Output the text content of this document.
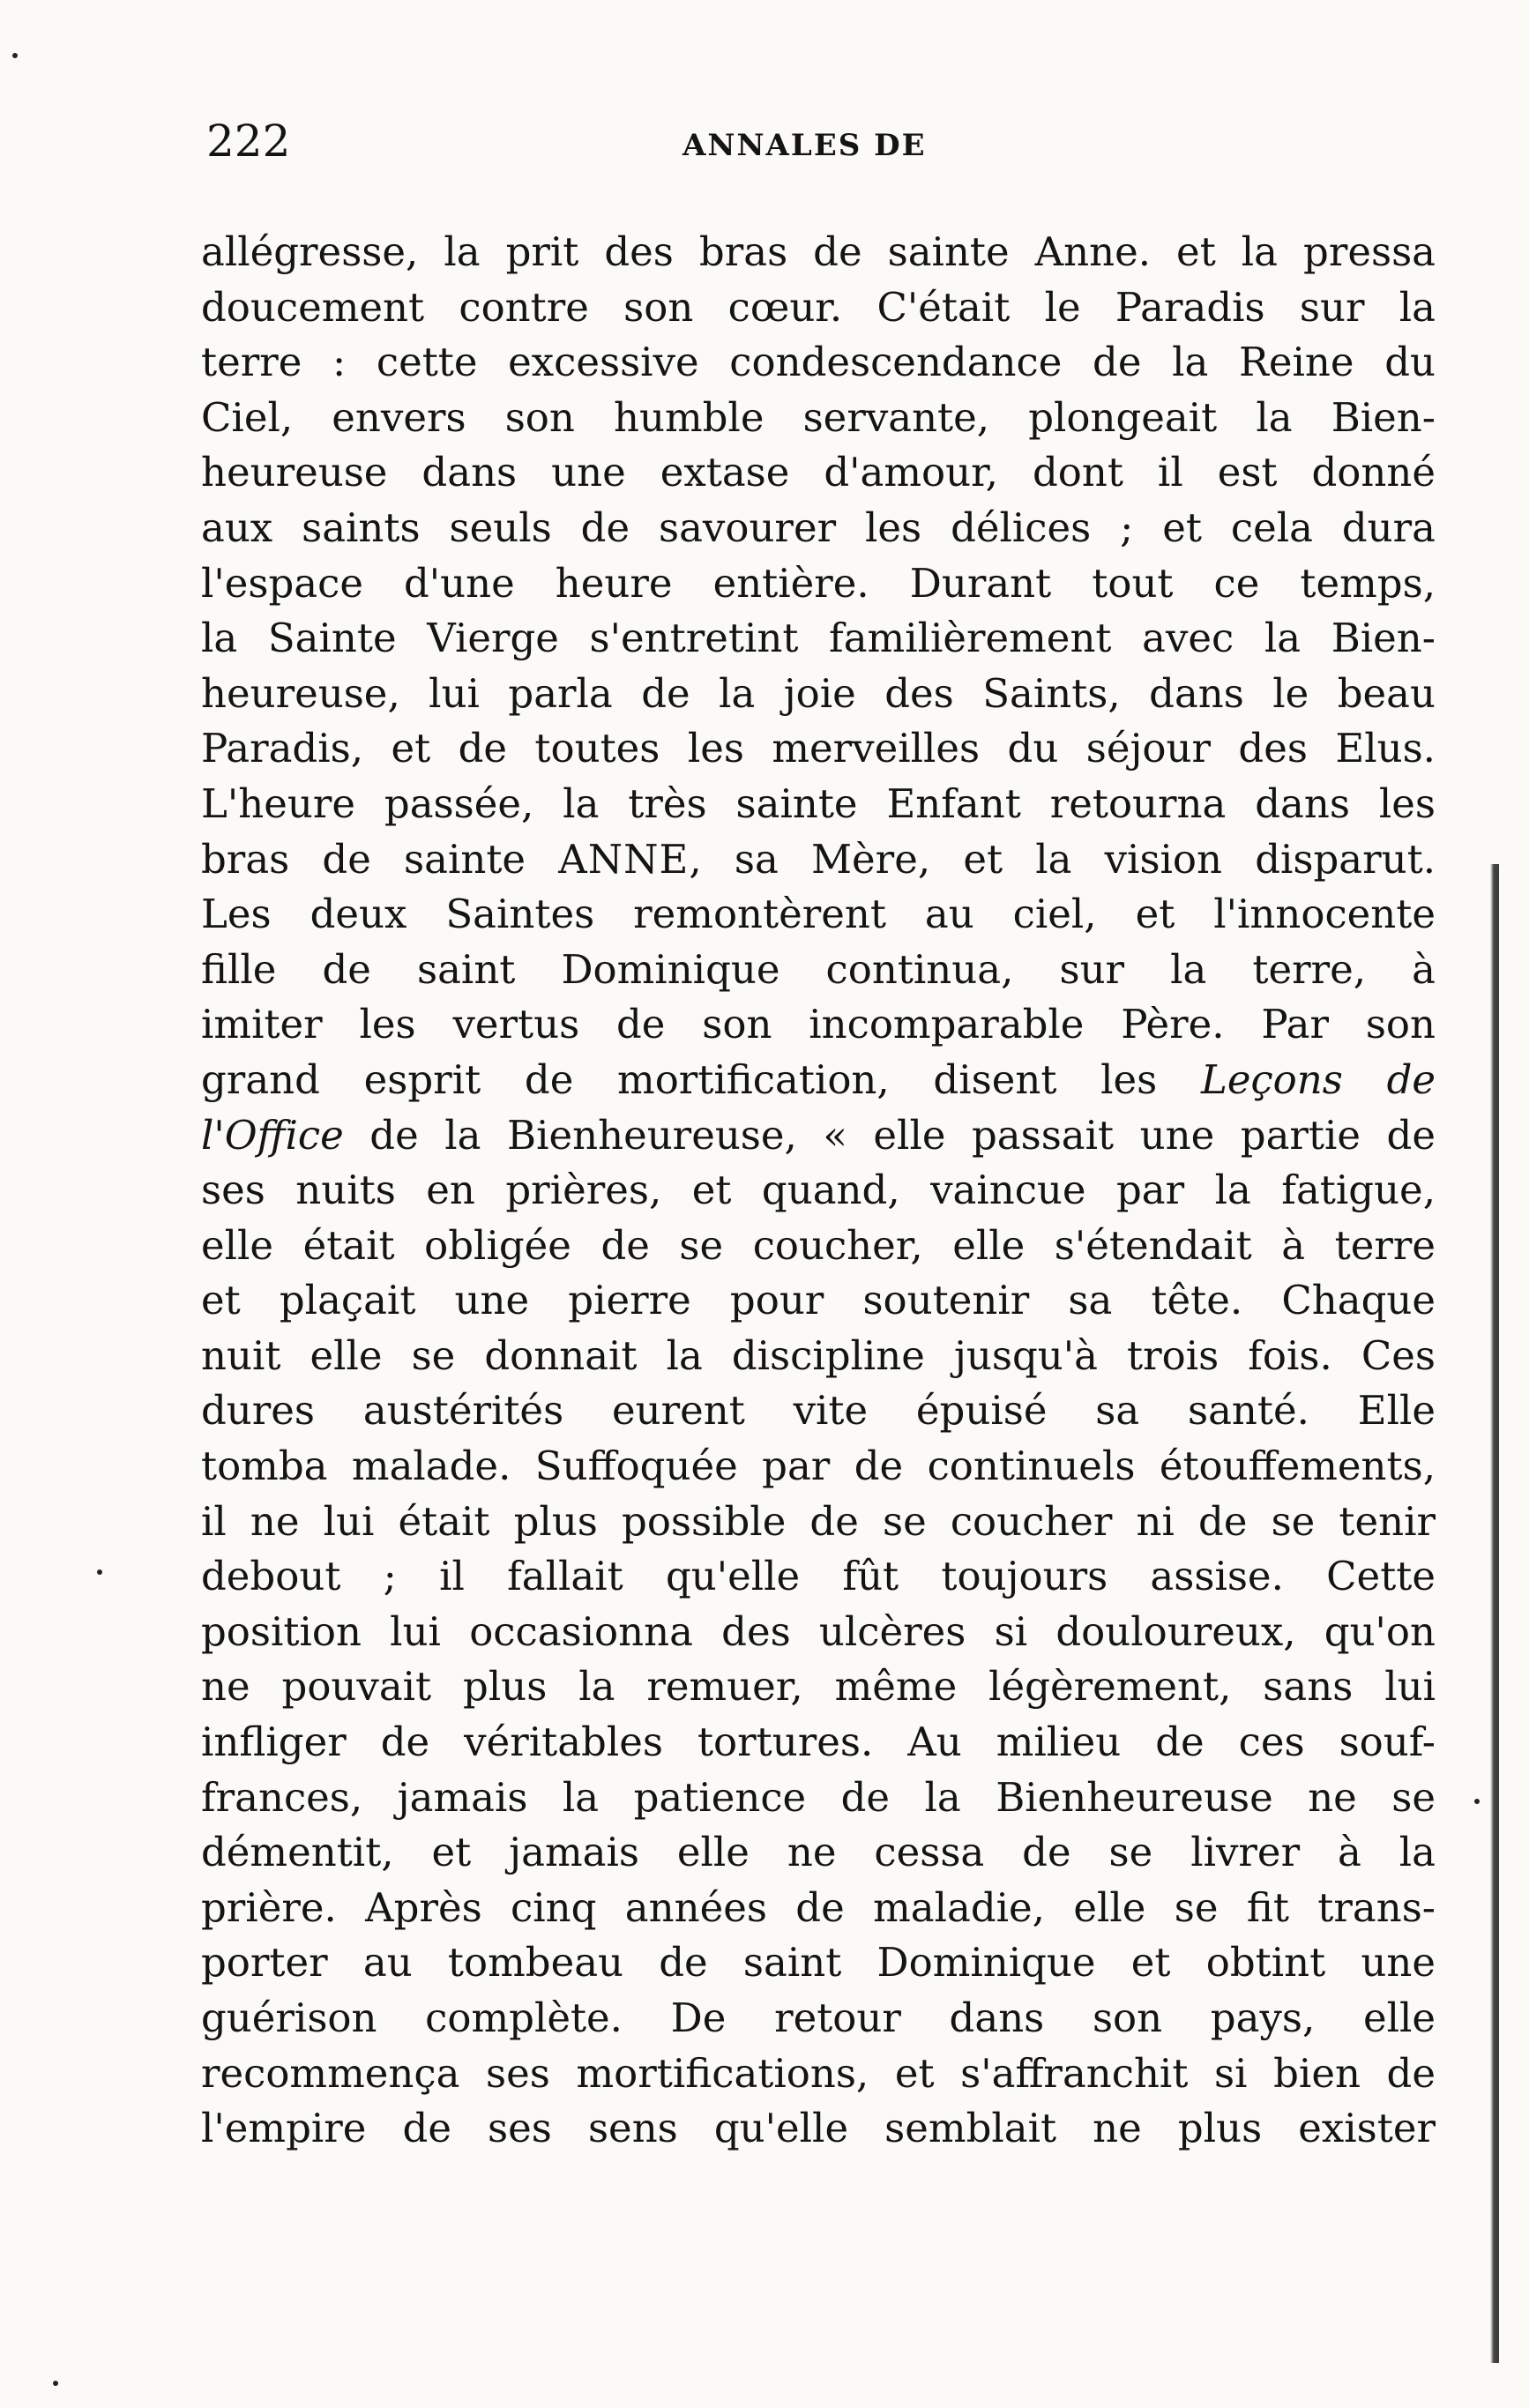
222	ANNALES DE
allégresse, la prit des bras de sainte Anne. et la pressa
doucement contre son cœur. C'était le Paradis sur la
terre : cette excessive condescendance de la Reine du
Ciel, envers son humble servante, plongeait la Bien-
heureuse dans une extase d'amour, dont il est donné
aux saints seuls de savourer les délices ; et cela dura
l'espace d'une heure entière. Durant tout ce temps,
la Sainte Vierge s'entretint familièrement avec la Bien-
heureuse, lui parla de la joie des Saints, dans le beau
Paradis, et de toutes les merveilles du séjour des Elus.
L'heure passée, la très sainte Enfant retourna dans les
bras de sainte ANNE, sa Mère, et la vision disparut.
Les deux Saintes remontèrent au ciel, et l'innocente
fille de saint Dominique continua, sur la terre, à
imiter les vertus de son incomparable Père. Par son
grand esprit de mortification, disent les Leçons de
l'Office de la Bienheureuse, « elle passait une partie de
ses nuits en prières, et quand, vaincue par la fatigue,
elle était obligée de se coucher, elle s'étendait à terre
et plaçait une pierre pour soutenir sa tête. Chaque
nuit elle se donnait la discipline jusqu'à trois fois. Ces
dures austérités eurent vite épuisé sa santé. Elle
tomba malade. Suffoquée par de continuels étouffements,
il ne lui était plus possible de se coucher ni de se tenir
debout ; il fallait qu'elle fût toujours assise. Cette
position lui occasionna des ulcères si douloureux, qu'on
ne pouvait plus la remuer, même légèrement, sans lui
infliger de véritables tortures. Au milieu de ces souf-
frances, jamais la patience de la Bienheureuse ne se
démentit, et jamais elle ne cessa de se livrer à la
prière. Après cinq années de maladie, elle se fit trans-
porter au tombeau de saint Dominique et obtint une
guérison complète. De retour dans son pays, elle
recommença ses mortifications, et s'affranchit si bien de
l'empire de ses sens qu'elle semblait ne plus exister
